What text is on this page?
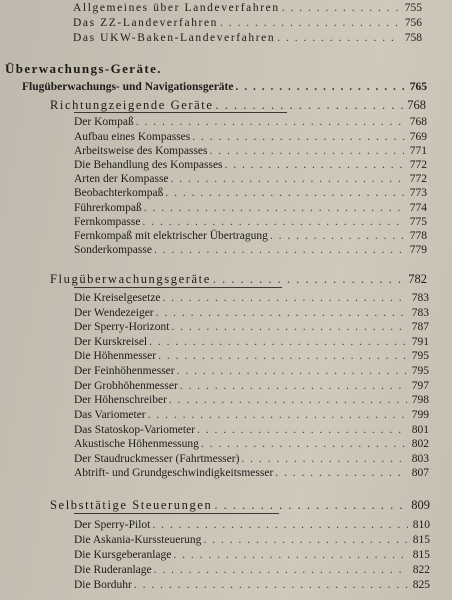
Allgemeines über Landeverfahren . . .	755
Das ZZ-Landeverfahren . . .	756
Das UKW-Baken-Landeverfahren . . .	758
Überwachungs-Geräte.
Flugüberwachungs- und Navigationsgeräte . . .	765
Richtungzeigende Geräte . . .	768
Der Kompaß . . .	768
Aufbau eines Kompasses . . .	769
Arbeitsweise des Kompasses . . .	771
Die Behandlung des Kompasses . . .	772
Arten der Kompasse . . .	772
Beobachterkompaß . . .	773
Führerkompaß . . .	774
Fernkompasse . . .	775
Fernkompaß mit elektrischer Übertragung . . .	778
Sonderkompasse . . .	779
Flugüberwachungsgeräte . . .	782
Die Kreiselgesetze . . .	783
Der Wendezeiger . . .	783
Der Sperry-Horizont . . .	787
Der Kurskreisel . . .	791
Die Höhenmesser . . .	795
Der Feinhöhenmesser . . .	795
Der Grobhöhenmesser . . .	797
Der Höhenschreiber . . .	798
Das Variometer . . .	799
Das Statoskop-Variometer . . .	801
Akustische Höhenmessung . . .	802
Der Staudruckmesser (Fahrtmesser) . . .	803
Abtrift- und Grundgeschwindigkeitsmesser . . .	807
Selbsttätige Steuerungen . . .	809
Der Sperry-Pilot . . .	810
Die Askania-Kurssteuerung . . .	815
Die Kursgeberanlage . . .	815
Die Ruderanlage . . .	822
Die Borduhr . . .	825
